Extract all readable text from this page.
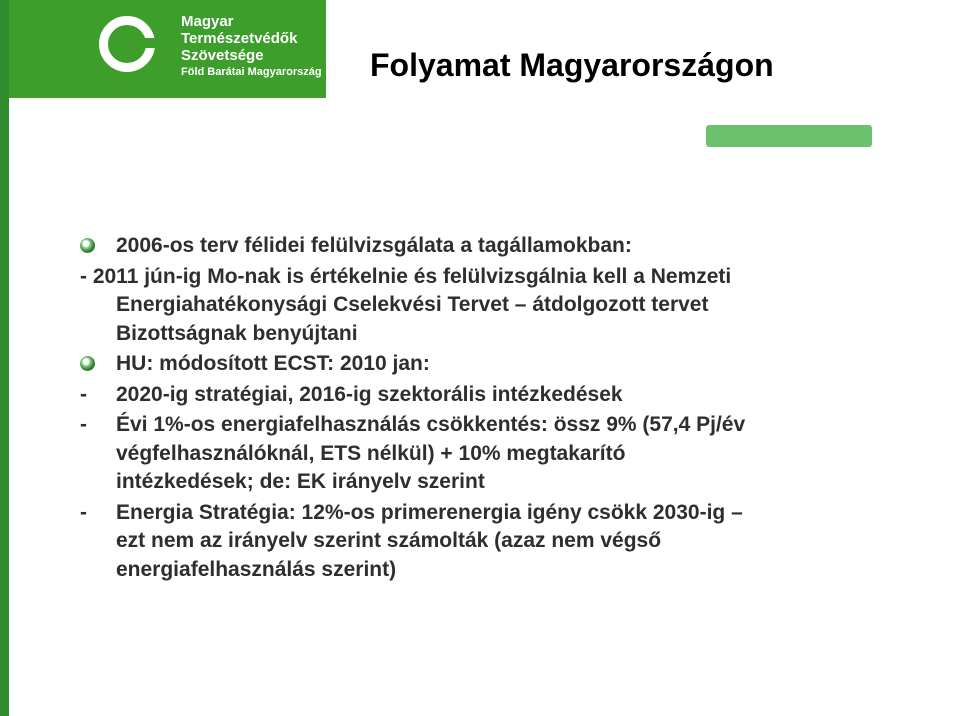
Magyar
Természetvédők
Szövetsége
Föld Barátai Magyarország Folyamat Magyarországon
2006-os terv félidei felülvizsgálata a tagállamokban:
- 2011 jún-ig Mo-nak is értékelnie és felülvizsgálnia kell a Nemzeti
Energiahatékonysági Cselekvési Tervet – átdolgozott tervet
Bizottságnak benyújtani
HU: módosított ECST: 2010 jan:
- 2020-ig stratégiai, 2016-ig szektorális intézkedések
- Évi 1%-os energiafelhasználás csökkentés: össz 9% (57,4 Pj/év
végfelhasználóknál, ETS nélkül) + 10% megtakarító
intézkedések; de: EK irányelv szerint
- Energia Stratégia: 12%-os primerenergia igény csökk 2030-ig –
ezt nem az irányelv szerint számolták (azaz nem végső
energiafelhasználás szerint)
